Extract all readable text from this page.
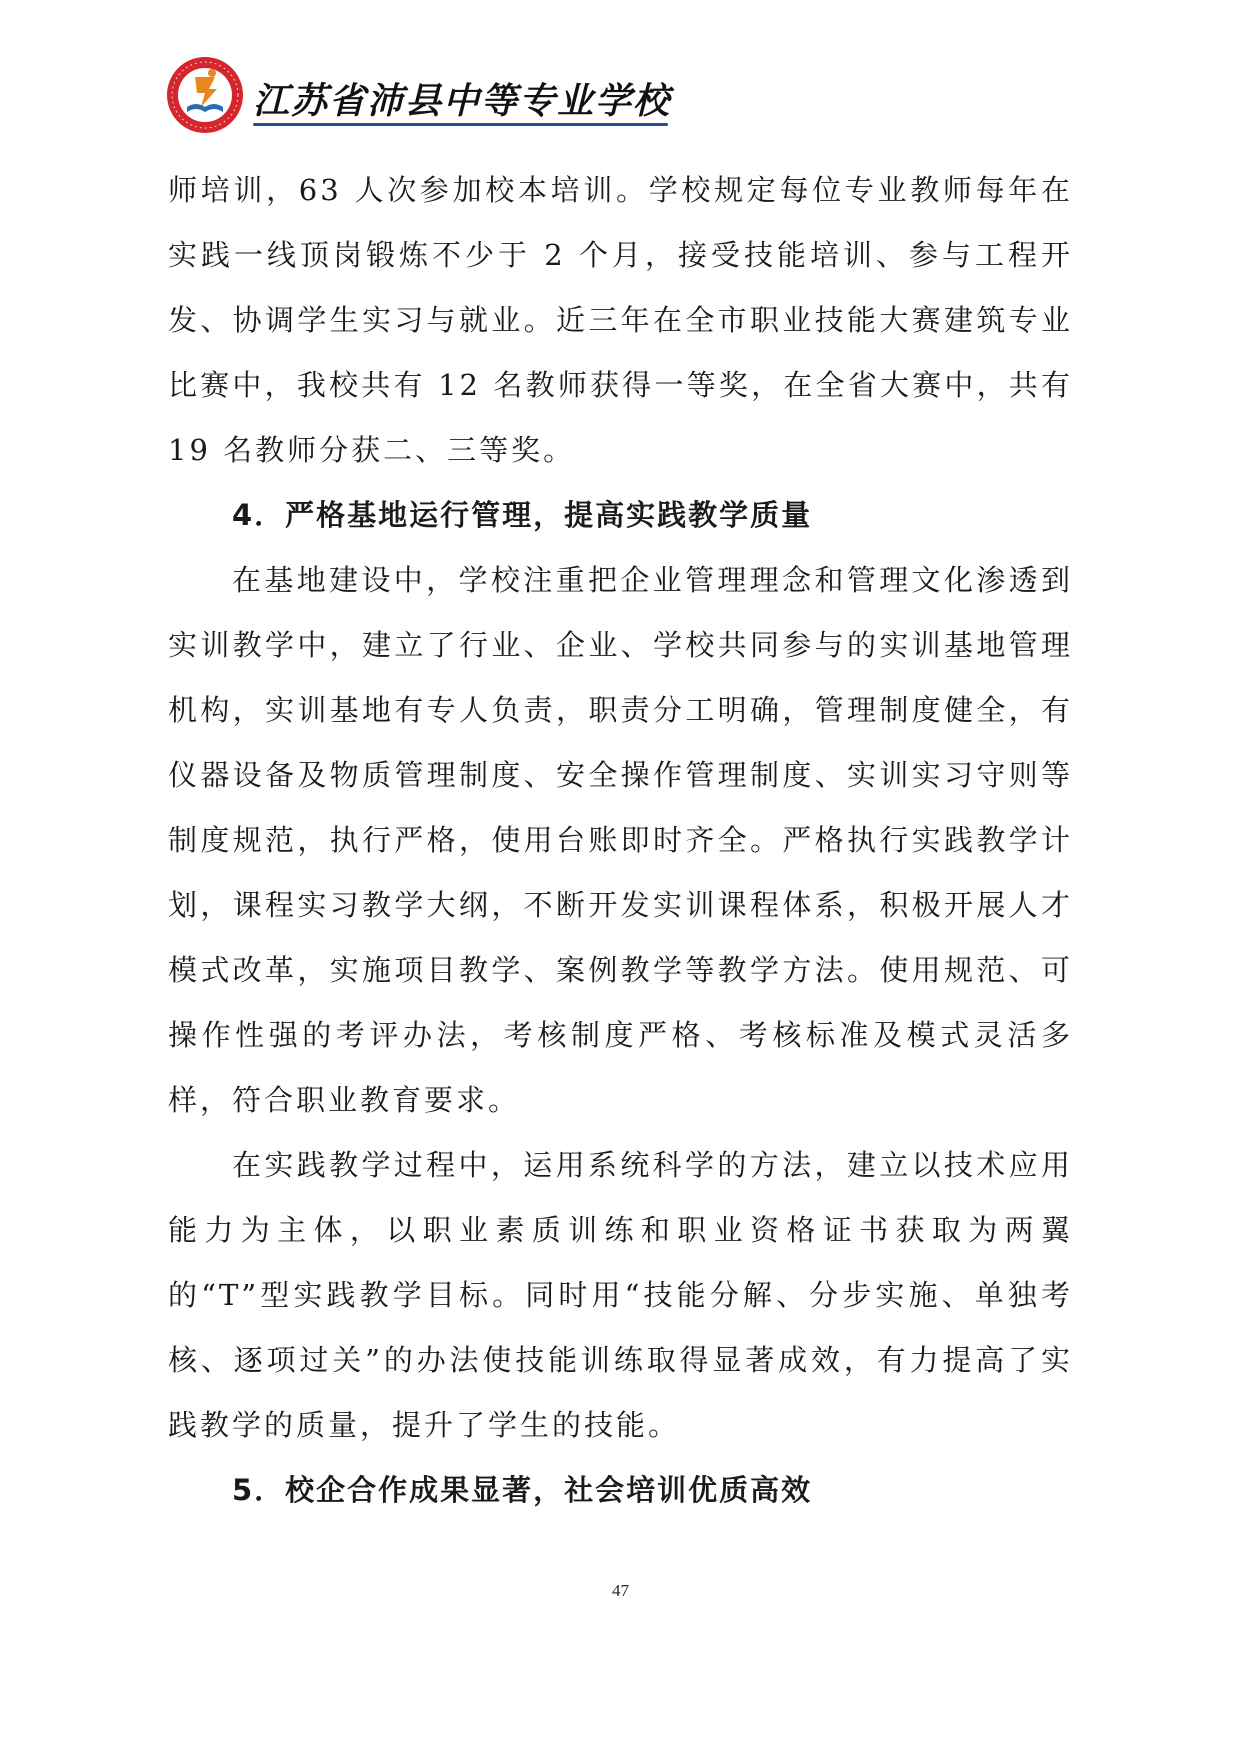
江苏省沛县中等专业学校

师培训，63 人次参加校本培训。学校规定每位专业教师每年在实践一线顶岗锻炼不少于 2 个月，接受技能培训、参与工程开发、协调学生实习与就业。近三年在全市职业技能大赛建筑专业比赛中，我校共有 12 名教师获得一等奖，在全省大赛中，共有 19 名教师分获二、三等奖。

4．严格基地运行管理，提高实践教学质量

在基地建设中，学校注重把企业管理理念和管理文化渗透到实训教学中，建立了行业、企业、学校共同参与的实训基地管理机构，实训基地有专人负责，职责分工明确，管理制度健全，有仪器设备及物质管理制度、安全操作管理制度、实训实习守则等制度规范，执行严格，使用台账即时齐全。严格执行实践教学计划，课程实习教学大纲，不断开发实训课程体系，积极开展人才模式改革，实施项目教学、案例教学等教学方法。使用规范、可操作性强的考评办法，考核制度严格、考核标准及模式灵活多样，符合职业教育要求。

在实践教学过程中，运用系统科学的方法，建立以技术应用能力为主体，以职业素质训练和职业资格证书获取为两翼的“T”型实践教学目标。同时用“技能分解、分步实施、单独考核、逐项过关”的办法使技能训练取得显著成效，有力提高了实践教学的质量，提升了学生的技能。

5．校企合作成果显著，社会培训优质高效

47
